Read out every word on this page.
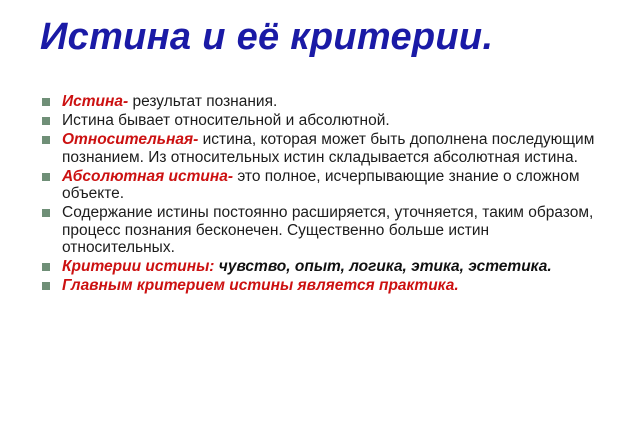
Истина и её критерии.
Истина- результат познания.
Истина бывает относительной и абсолютной.
Относительная- истина, которая может быть дополнена последующим познанием. Из относительных истин складывается абсолютная истина.
Абсолютная истина- это полное, исчерпывающие знание о сложном объекте.
Содержание истины постоянно расширяется, уточняется, таким образом, процесс познания бесконечен. Существенно больше истин относительных.
Критерии истины: чувство, опыт, логика, этика, эстетика.
Главным критерием истины является практика.
